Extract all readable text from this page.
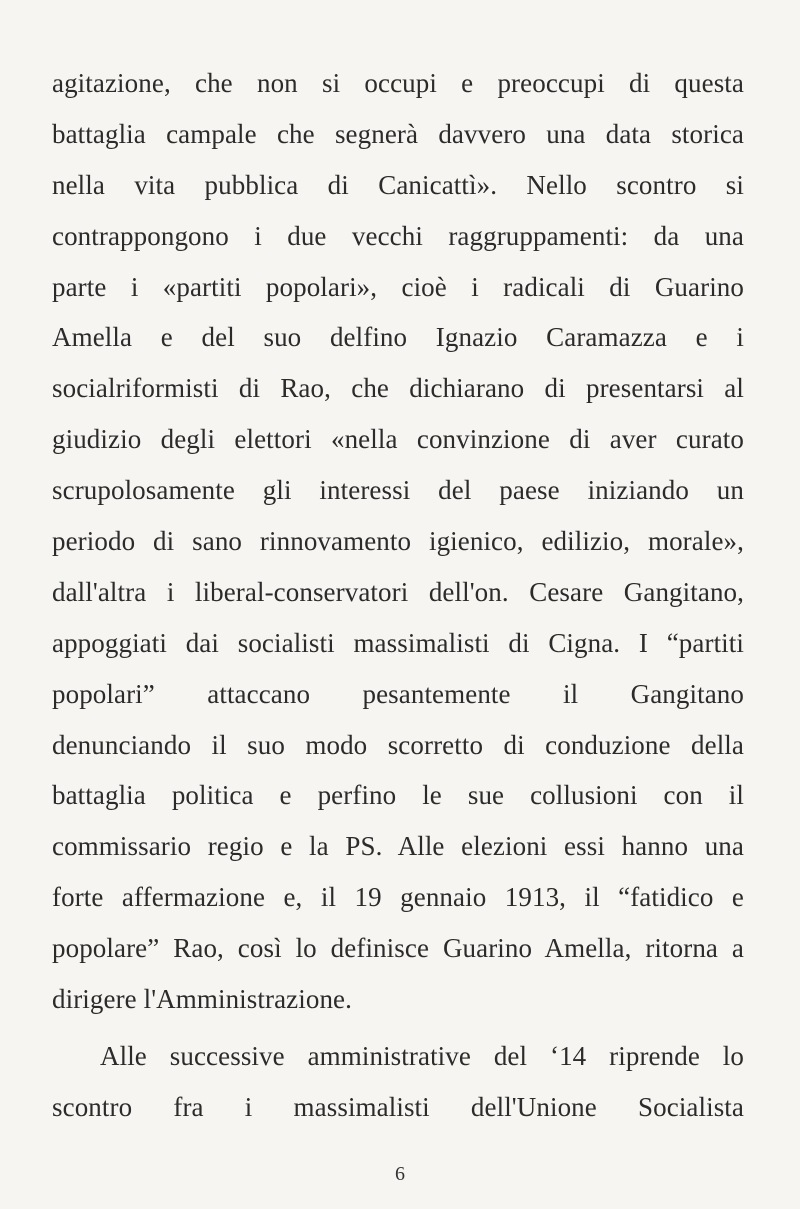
agitazione, che non si occupi e preoccupi di questa
battaglia campale che segnerà davvero una data storica
nella vita pubblica di Canicattì». Nello scontro si
contrappongono i due vecchi raggruppamenti: da una
parte i «partiti popolari», cioè i radicali di Guarino
Amella e del suo delfino Ignazio Caramazza e i
socialriformisti di Rao, che dichiarano di presentarsi al
giudizio degli elettori «nella convinzione di aver curato
scrupolosamente gli interessi del paese iniziando un
periodo di sano rinnovamento igienico, edilizio, morale»,
dall'altra i liberal-conservatori dell'on. Cesare Gangitano,
appoggiati dai socialisti massimalisti di Cigna. I “partiti
popolari” attaccano pesantemente il Gangitano
denunciando il suo modo scorretto di conduzione della
battaglia politica e perfino le sue collusioni con il
commissario regio e la PS. Alle elezioni essi hanno una
forte affermazione e, il 19 gennaio 1913, il “fatidico e
popolare” Rao, così lo definisce Guarino Amella, ritorna a
dirigere l'Amministrazione.
Alle successive amministrative del ‘14 riprende lo
scontro fra i massimalisti dell'Unione Socialista
6
